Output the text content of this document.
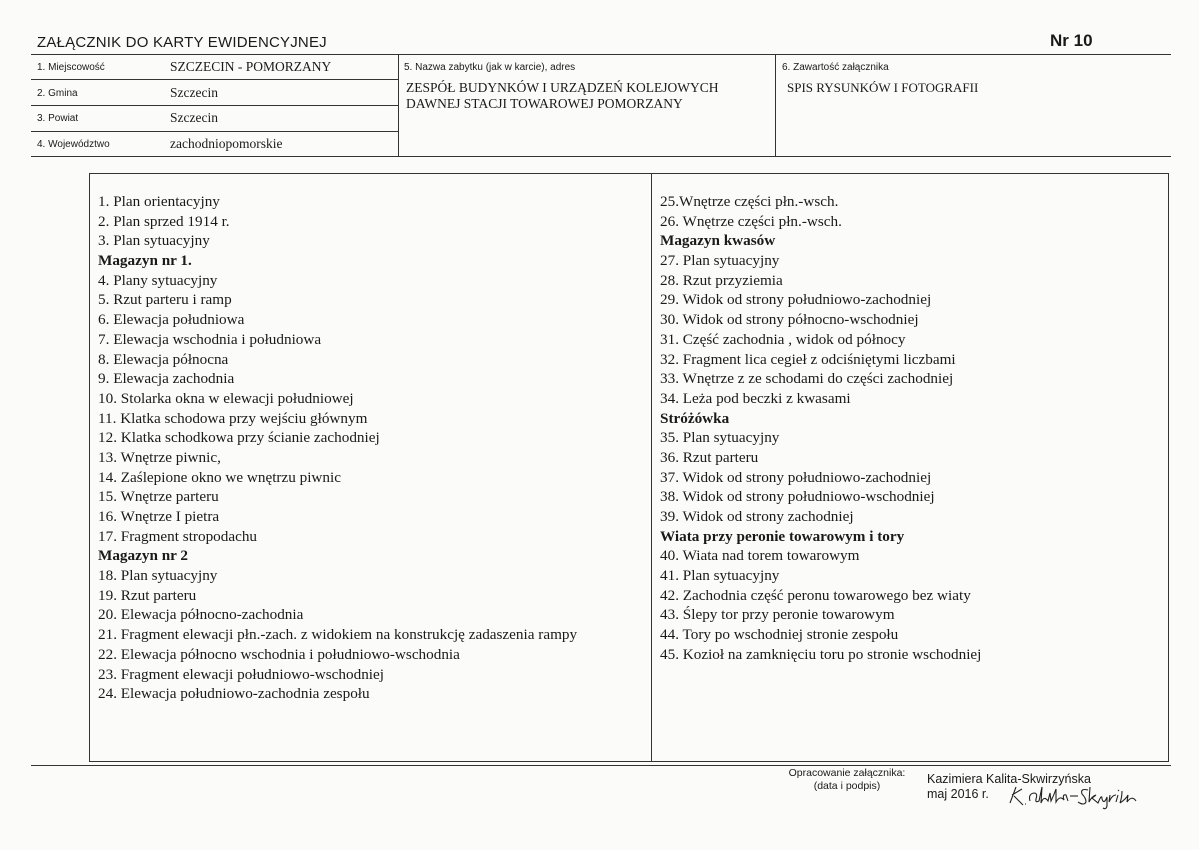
ZAŁĄCZNIK DO KARTY EWIDENCYJNEJ	Nr 10
1. Miejscowość	SZCZECIN - POMORZANY
2. Gmina	Szczecin
3. Powiat	Szczecin
4. Województwo	zachodniopomorskie
5. Nazwa zabytku (jak w karcie), adres
ZESPÓŁ BUDYNKÓW I URZĄDZEŃ KOLEJOWYCH
DAWNEJ STACJI TOWAROWEJ POMORZANY
6. Zawartość załącznika
SPIS RYSUNKÓW I FOTOGRAFII
1. Plan orientacyjny
2. Plan sprzed 1914 r.
3. Plan sytuacyjny
Magazyn nr 1.
4. Plany sytuacyjny
5. Rzut parteru i ramp
6. Elewacja południowa
7. Elewacja wschodnia i południowa
8. Elewacja północna
9. Elewacja zachodnia
10. Stolarka okna w elewacji południowej
11. Klatka schodowa przy wejściu głównym
12. Klatka schodkowa przy ścianie zachodniej
13. Wnętrze piwnic,
14. Zaślepione okno we wnętrzu piwnic
15. Wnętrze parteru
16. Wnętrze I pietra
17. Fragment stropodachu
Magazyn nr 2
18. Plan sytuacyjny
19. Rzut parteru
20. Elewacja północno-zachodnia
21. Fragment elewacji płn.-zach. z widokiem na konstrukcję zadaszenia rampy
22. Elewacja północno wschodnia i południowo-wschodnia
23. Fragment elewacji południowo-wschodniej
24. Elewacja południowo-zachodnia zespołu
25.Wnętrze części płn.-wsch.
26. Wnętrze części płn.-wsch.
Magazyn kwasów
27. Plan sytuacyjny
28. Rzut przyziemia
29. Widok od strony południowo-zachodniej
30. Widok od strony północno-wschodniej
31. Część zachodnia , widok od północy
32. Fragment lica cegieł z odciśniętymi liczbami
33. Wnętrze z ze schodami do części zachodniej
34. Leża pod beczki z kwasami
Stróżówka
35. Plan sytuacyjny
36. Rzut parteru
37. Widok od strony południowo-zachodniej
38. Widok od strony południowo-wschodniej
39. Widok od strony zachodniej
Wiata przy peronie towarowym i tory
40. Wiata nad torem towarowym
41. Plan sytuacyjny
42. Zachodnia część peronu towarowego bez wiaty
43. Ślepy tor przy peronie towarowym
44. Tory po wschodniej stronie zespołu
45. Kozioł na zamknięciu toru po stronie wschodniej
Opracowanie załącznika:
(data i podpis)	Kazimiera Kalita-Skwirzyńska
maj 2016 r.
